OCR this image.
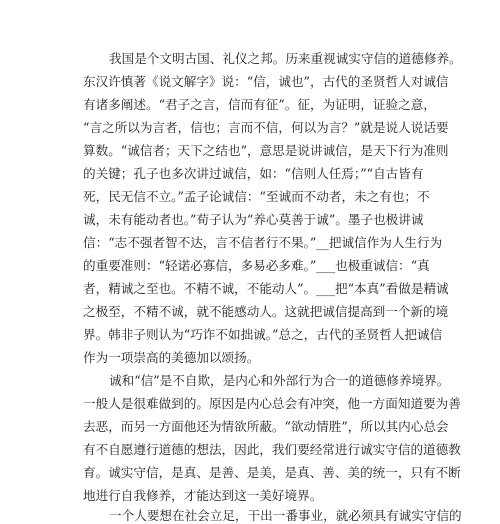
我国是个文明古国、礼仪之邦。历来重视诚实守信的道德修养。
东汉许慎著《说文解字》说：“信，诚也”，古代的圣贤哲人对诚信
有诸多阐述。“君子之言，信而有征”。征，为证明，证验之意，
“言之所以为言者，信也；言而不信，何以为言？”就是说人说话要
算数。“诚信者；天下之结也”，意思是说讲诚信，是天下行为准则
的关键；孔子也多次讲过诚信，如：“信则人任焉；”“自古皆有
死，民无信不立。”孟子论诚信：“至诚而不动者，未之有也；不
诚，未有能动者也。”荀子认为“养心莫善于诚”。墨子也极讲诚
信：“志不强者智不达，言不信者行不果。”__把诚信作为人生行为
的重要准则：“轻诺必寡信，多易必多难。”___也极重诚信：“真
者，精诚之至也。不精不诚，不能动人”。___把“本真”看做是精诚
之极至，不精不诚，就不能感动人。这就把诚信提高到一个新的境
界。韩非子则认为“巧诈不如拙诚。”总之，古代的圣贤哲人把诚信
作为一项崇高的美德加以颂扬。
诚和“信”是不自欺，是内心和外部行为合一的道德修养境界。
一般人是很难做到的。原因是内心总会有冲突，他一方面知道要为善
去恶，而另一方面他还为情欲所蔽。“欲动情胜”，所以其内心总会
有不自愿遵行道德的想法，因此，我们要经常进行诚实守信的道德教
育。诚实守信，是真、是善、是美，是真、善、美的统一，只有不断
地进行自我修养，才能达到这一美好境界。
一个人要想在社会立足，干出一番事业，就必须具有诚实守信的
